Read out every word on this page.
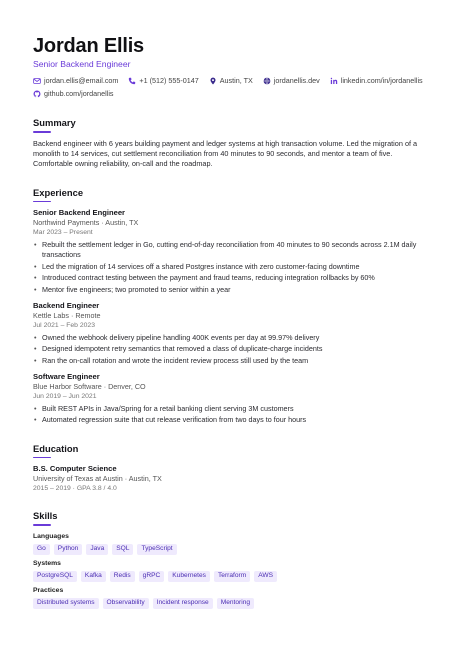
Jordan Ellis
Senior Backend Engineer
jordan.ellis@email.com	+1 (512) 555-0147	Austin, TX	jordanellis.dev	linkedin.com/in/jordanellis
github.com/jordanellis
Summary

Backend engineer with 6 years building payment and ledger systems at high transaction volume. Led the migration of a monolith to 14 services, cut settlement reconciliation from 40 minutes to 90 seconds, and mentor a team of five. Comfortable owning reliability, on-call and the roadmap.

Experience
Senior Backend Engineer
Northwind Payments · Austin, TX
Mar 2023 – Present
• Rebuilt the settlement ledger in Go, cutting end-of-day reconciliation from 40 minutes to 90 seconds across 2.1M daily transactions
• Led the migration of 14 services off a shared Postgres instance with zero customer-facing downtime
• Introduced contract testing between the payment and fraud teams, reducing integration rollbacks by 60%
• Mentor five engineers; two promoted to senior within a year
Backend Engineer
Kettle Labs · Remote
Jul 2021 – Feb 2023
• Owned the webhook delivery pipeline handling 400K events per day at 99.97% delivery
• Designed idempotent retry semantics that removed a class of duplicate-charge incidents
• Ran the on-call rotation and wrote the incident review process still used by the team
Software Engineer
Blue Harbor Software · Denver, CO
Jun 2019 – Jun 2021
• Built REST APIs in Java/Spring for a retail banking client serving 3M customers
• Automated regression suite that cut release verification from two days to four hours
Education
B.S. Computer Science
University of Texas at Austin · Austin, TX
2015 – 2019 · GPA 3.8 / 4.0
Skills
Languages
Go	Python	Java	SQL	TypeScript
Systems
PostgreSQL	Kafka	Redis	gRPC	Kubernetes	Terraform	AWS
Practices
Distributed systems	Observability	Incident response	Mentoring
